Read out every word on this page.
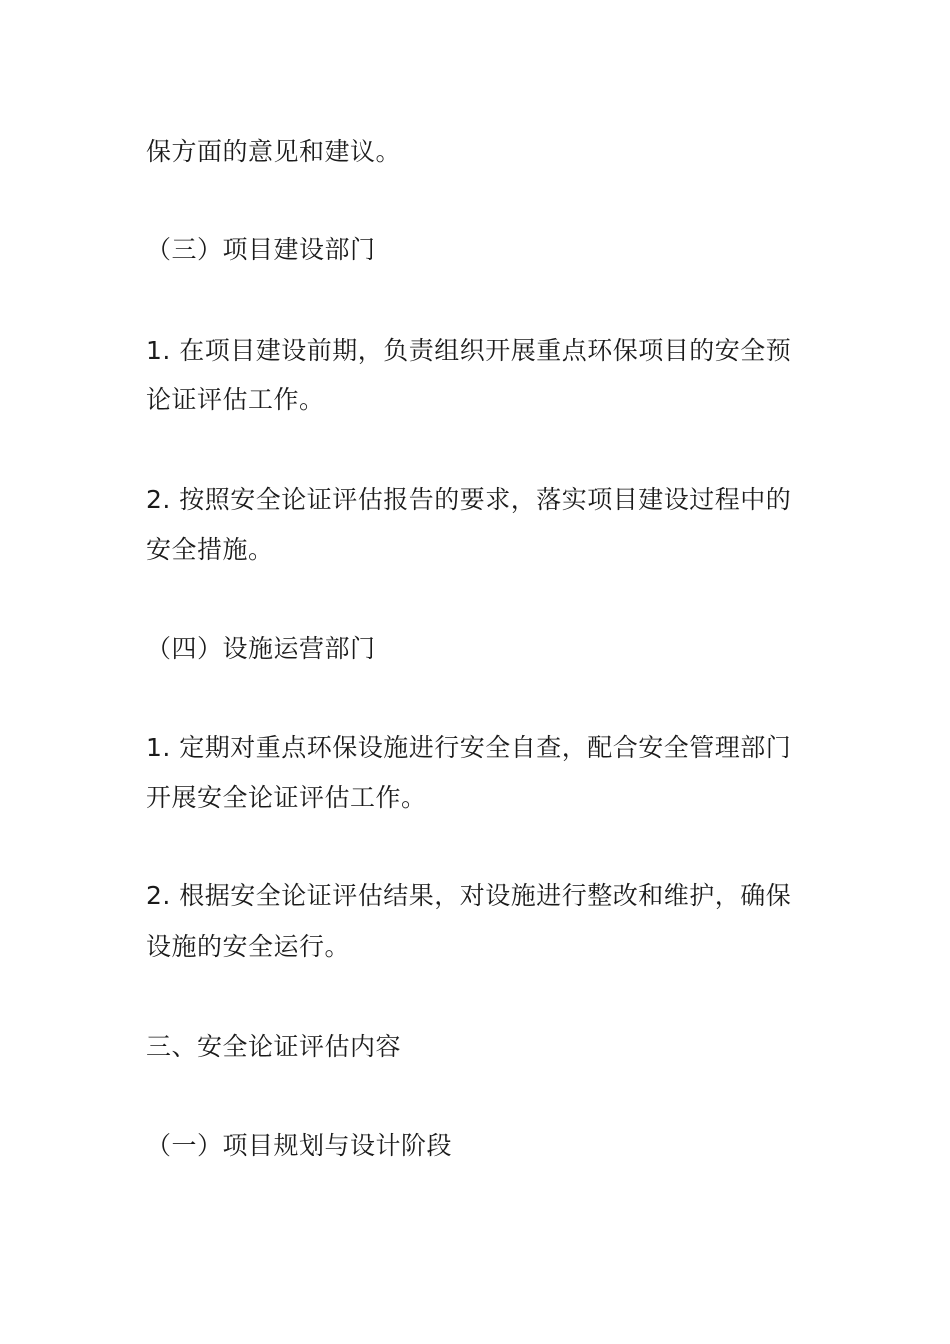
保方面的意见和建议。
（三）项目建设部门
1. 在项目建设前期，负责组织开展重点环保项目的安全预
论证评估工作。
2. 按照安全论证评估报告的要求，落实项目建设过程中的
安全措施。
（四）设施运营部门
1. 定期对重点环保设施进行安全自查，配合安全管理部门
开展安全论证评估工作。
2. 根据安全论证评估结果，对设施进行整改和维护，确保
设施的安全运行。
三、安全论证评估内容
（一）项目规划与设计阶段
